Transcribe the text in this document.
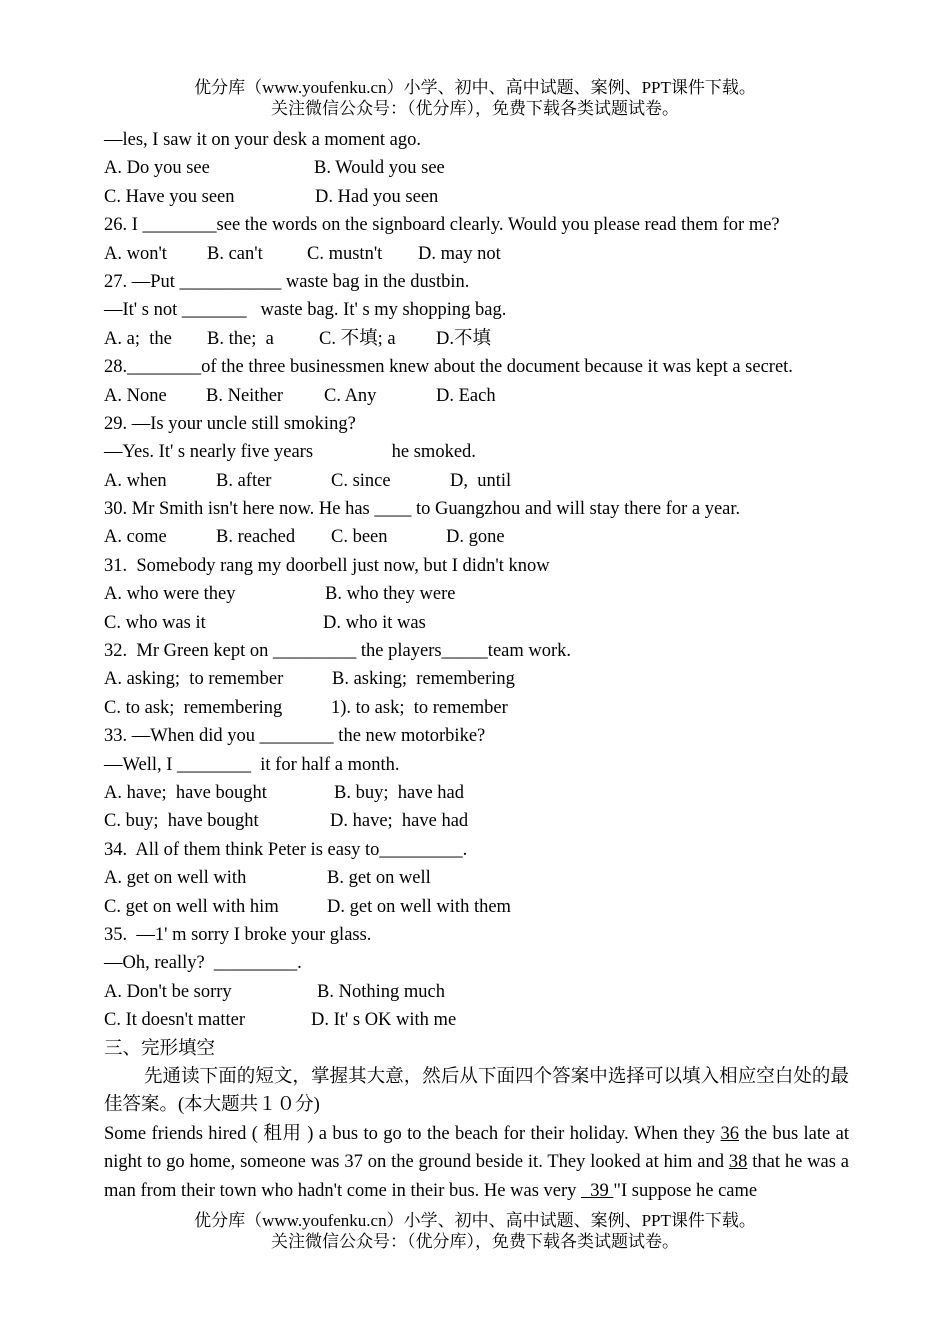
优分库（www.youfenku.cn）小学、初中、高中试题、案例、PPT课件下载。
关注微信公众号：（优分库），免费下载各类试题试卷。
—les, I saw it on your desk a moment ago.
A. Do you see	B. Would you see
C. Have you seen	D. Had you seen
26. I ________see the words on the signboard clearly. Would you please read them for me?
A. won't B. can't C. mustn't D. may not
27. —Put ___________ waste bag in the dustbin.
—It' s not _______   waste bag. It' s my shopping bag.
A. a;  the B. the;  a C. 不填; a D.不填
28.________of the three businessmen knew about the document because it was kept a secret.
A. None B. Neither C. Any	D. Each
29. —Is your uncle still smoking?
—Yes. It' s nearly five years                 he smoked.
A. when	B. after	C. since	D,  until
30. Mr Smith isn't here now. He has ____ to Guangzhou and will stay there for a year.
A. come	B. reached C. been	D. gone
31.  Somebody rang my doorbell just now, but I didn't know
A. who were they	B. who they were
C. who was it	D. who it was
32.  Mr Green kept on _________ the players_____team work.
A. asking;  to remember	B. asking;  remembering
C. to ask;  remembering	1). to ask;  to remember
33. —When did you ________ the new motorbike?
—Well, I ________  it for half a month.
A. have;  have bought	B. buy;  have had
C. buy;  have bought	D. have;  have had
34.  All of them think Peter is easy to_________.
A. get on well with	B. get on well
C. get on well with him	D. get on well with them
35.  —1' m sorry I broke your glass.
—Oh, really?  _________.
A. Don't be sorry	B. Nothing much
C. It doesn't matter	D. It' s OK with me
三、完形填空
先通读下面的短文，掌握其大意，然后从下面四个答案中选择可以填入相应空白处的最佳答案。(本大题共１０分)
Some friends hired ( 租用 ) a bus to go to the beach for their holiday. When they 36 the bus late at night to go home, someone was 37 on the ground beside it. They looked at him and 38 that he was a man from their town who hadn't come in their bus. He was very   39 "I suppose he came
优分库（www.youfenku.cn）小学、初中、高中试题、案例、PPT课件下载。
关注微信公众号：（优分库），免费下载各类试题试卷。
